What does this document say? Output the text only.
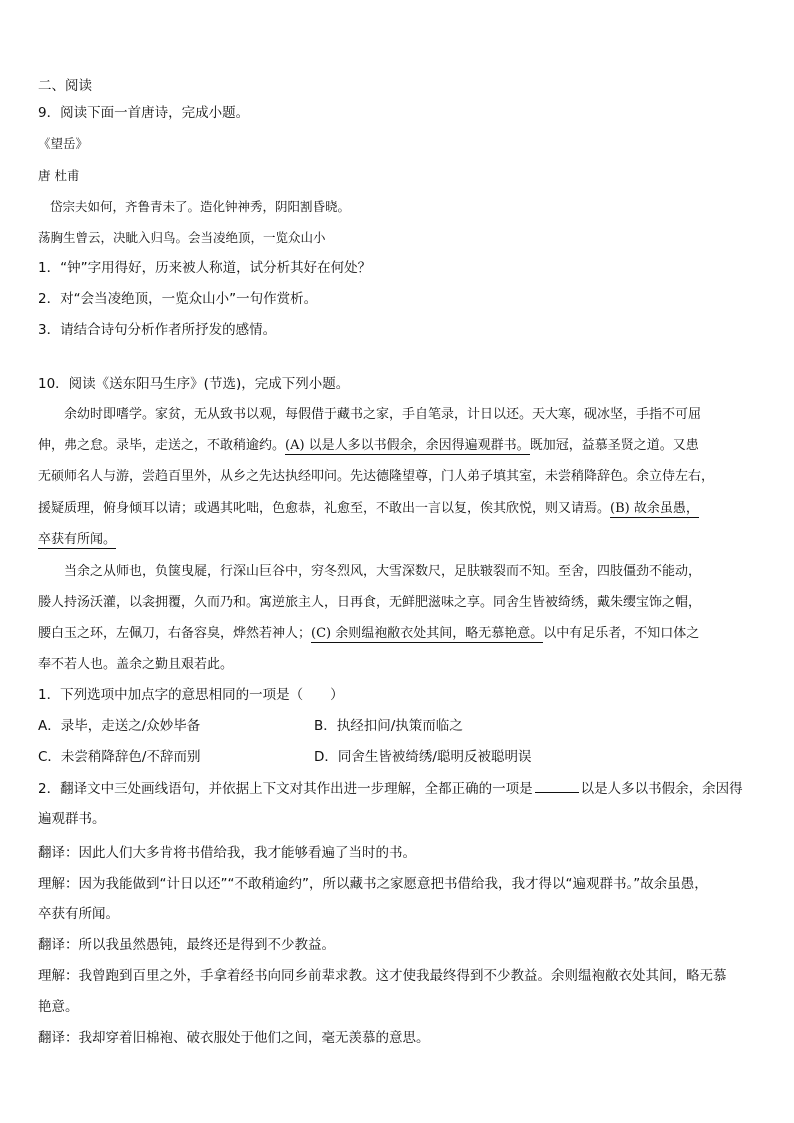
二、阅读
9．阅读下面一首唐诗，完成小题。
《望岳》
唐 杜甫
岱宗夫如何，齐鲁青未了。造化钟神秀，阴阳割昏晓。
荡胸生曾云，决眦入归鸟。会当凌绝顶，一览众山小
1．“钟”字用得好，历来被人称道，试分析其好在何处？
2．对“会当凌绝顶，一览众山小”一句作赏析。
3．请结合诗句分析作者所抒发的感情。
10．阅读《送东阳马生序》(节选)，完成下列小题。
余幼时即嗜学。家贫，无从致书以观，每假借于藏书之家，手自笔录，计日以还。天大寒，砚冰坚，手指不可屈
伸，弗之怠。录毕，走送之，不敢稍逾约。(A) 以是人多以书假余，余因得遍观群书。既加冠，益慕圣贤之道。又患
无硕师名人与游，尝趋百里外，从乡之先达执经叩问。先达德隆望尊，门人弟子填其室，未尝稍降辞色。余立侍左右，
援疑质理，俯身倾耳以请；或遇其叱咄，色愈恭，礼愈至，不敢出一言以复，俟其欣悦，则又请焉。(B) 故余虽愚，
卒获有所闻。
当余之从师也，负箧曳屣，行深山巨谷中，穷冬烈风，大雪深数尺，足肤皲裂而不知。至舍，四肢僵劲不能动，
媵人持汤沃灌，以衾拥覆，久而乃和。寓逆旅主人，日再食，无鲜肥滋味之享。同舍生皆被绮绣，戴朱缨宝饰之帽，
腰白玉之环，左佩刀，右备容臭，烨然若神人；(C) 余则缊袍敝衣处其间，略无慕艳意。以中有足乐者，不知口体之
奉不若人也。盖余之勤且艰若此。
1．下列选项中加点字的意思相同的一项是（　　）
A．录毕，走送之/众妙毕备	B．执经扣问/执策而临之
C．未尝稍降辞色/不辞而别	D．同舍生皆被绮绣/聪明反被聪明误
2．翻译文中三处画线语句，并依据上下文对其作出进一步理解，全都正确的一项是	以是人多以书假余，余因得
遍观群书。
翻译：因此人们大多肯将书借给我，我才能够看遍了当时的书。
理解：因为我能做到“计日以还”“不敢稍逾约”，所以藏书之家愿意把书借给我，我才得以“遍观群书。”故余虽愚，
卒获有所闻。
翻译：所以我虽然愚钝，最终还是得到不少教益。
理解：我曾跑到百里之外，手拿着经书向同乡前辈求教。这才使我最终得到不少教益。余则缊袍敝衣处其间，略无慕
艳意。
翻译：我却穿着旧棉袍、破衣服处于他们之间，毫无羡慕的意思。
